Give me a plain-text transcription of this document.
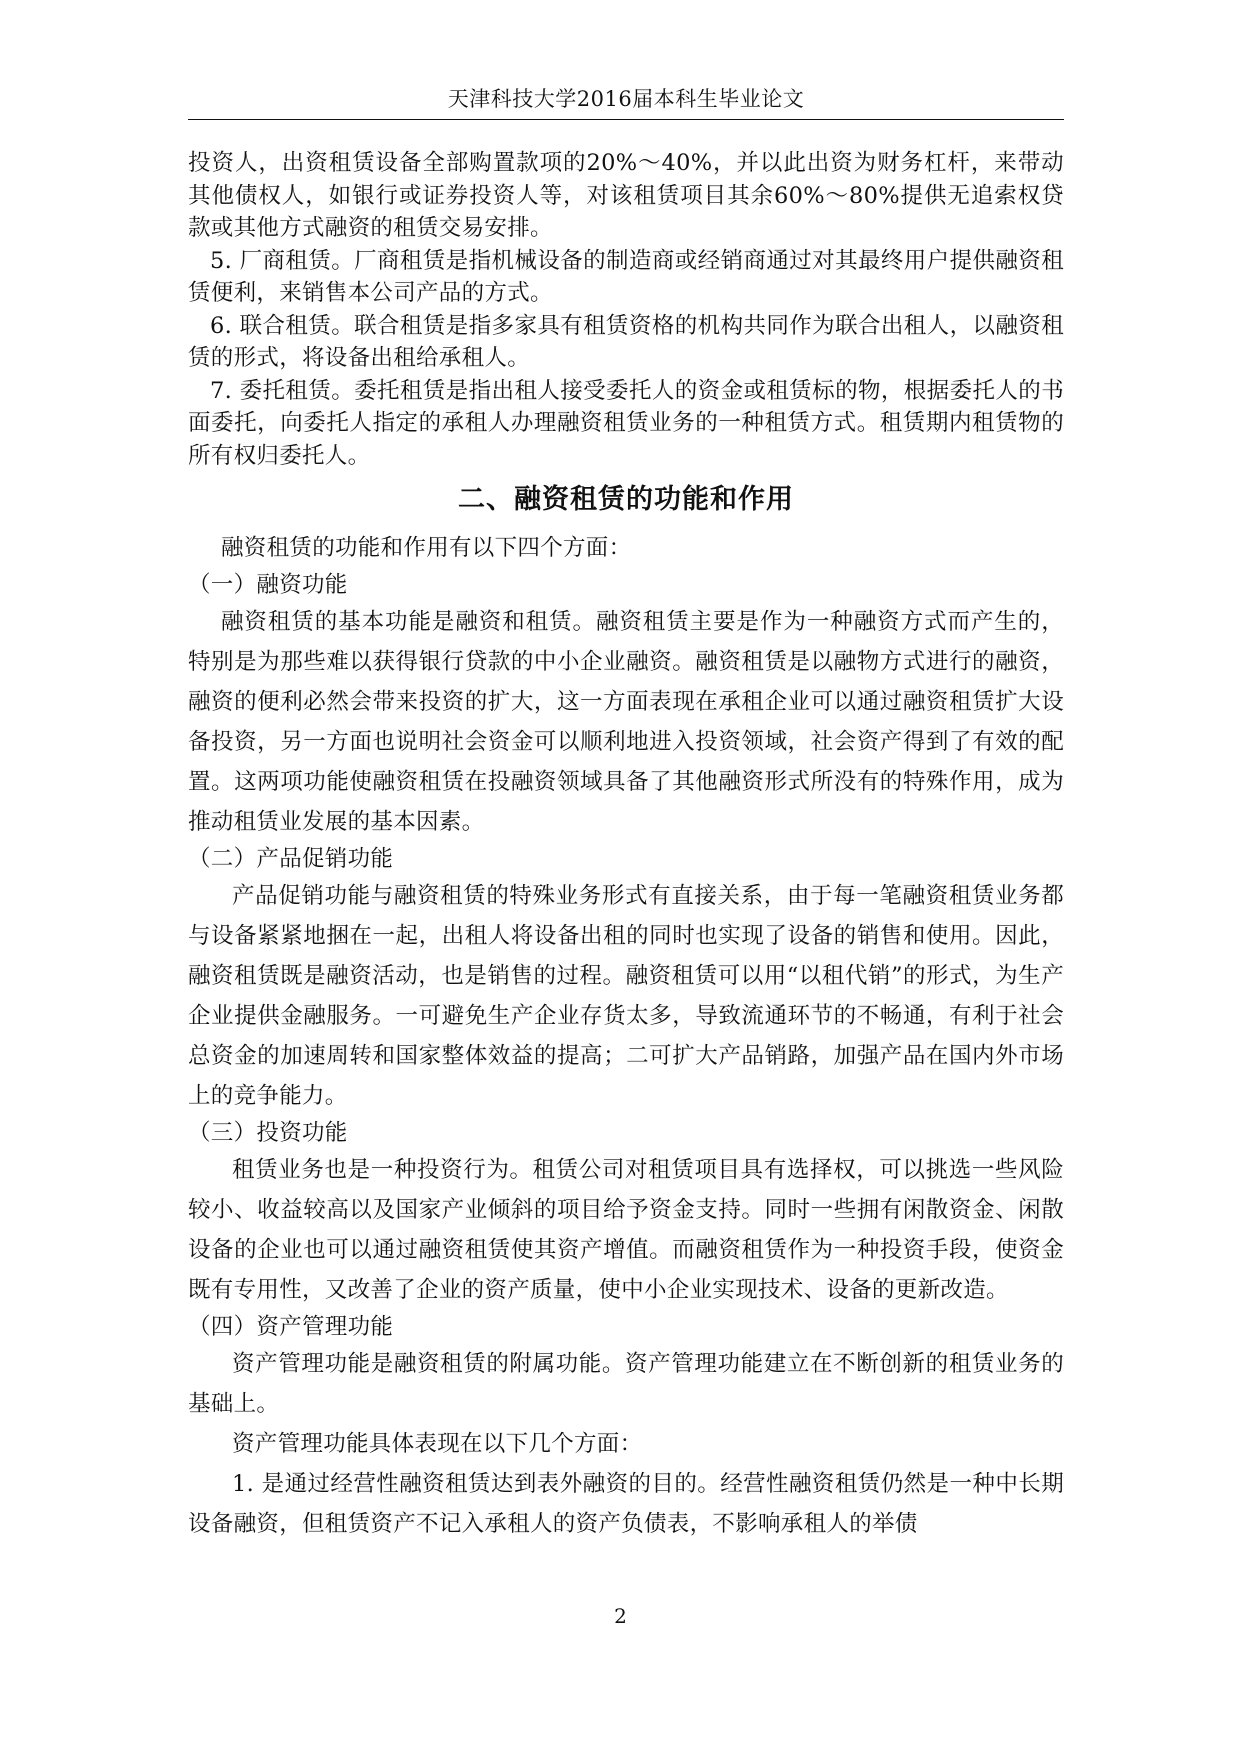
天津科技大学2016届本科生毕业论文

投资人，出资租赁设备全部购置款项的20%～40%，并以此出资为财务杠杆，来带动其他债权人，如银行或证券投资人等，对该租赁项目其余60%～80%提供无追索权贷款或其他方式融资的租赁交易安排。

5. 厂商租赁。厂商租赁是指机械设备的制造商或经销商通过对其最终用户提供融资租赁便利，来销售本公司产品的方式。

6. 联合租赁。联合租赁是指多家具有租赁资格的机构共同作为联合出租人，以融资租赁的形式，将设备出租给承租人。

7. 委托租赁。委托租赁是指出租人接受委托人的资金或租赁标的物，根据委托人的书面委托，向委托人指定的承租人办理融资租赁业务的一种租赁方式。租赁期内租赁物的所有权归委托人。

二、融资租赁的功能和作用

融资租赁的功能和作用有以下四个方面：

（一）融资功能

融资租赁的基本功能是融资和租赁。融资租赁主要是作为一种融资方式而产生的，特别是为那些难以获得银行贷款的中小企业融资。融资租赁是以融物方式进行的融资，融资的便利必然会带来投资的扩大，这一方面表现在承租企业可以通过融资租赁扩大设备投资，另一方面也说明社会资金可以顺利地进入投资领域，社会资产得到了有效的配置。这两项功能使融资租赁在投融资领域具备了其他融资形式所没有的特殊作用，成为推动租赁业发展的基本因素。

（二）产品促销功能

产品促销功能与融资租赁的特殊业务形式有直接关系，由于每一笔融资租赁业务都与设备紧紧地捆在一起，出租人将设备出租的同时也实现了设备的销售和使用。因此，融资租赁既是融资活动，也是销售的过程。融资租赁可以用“以租代销”的形式，为生产企业提供金融服务。一可避免生产企业存货太多，导致流通环节的不畅通，有利于社会总资金的加速周转和国家整体效益的提高；二可扩大产品销路，加强产品在国内外市场上的竞争能力。

（三）投资功能

租赁业务也是一种投资行为。租赁公司对租赁项目具有选择权，可以挑选一些风险较小、收益较高以及国家产业倾斜的项目给予资金支持。同时一些拥有闲散资金、闲散设备的企业也可以通过融资租赁使其资产增值。而融资租赁作为一种投资手段，使资金既有专用性，又改善了企业的资产质量，使中小企业实现技术、设备的更新改造。

（四）资产管理功能

资产管理功能是融资租赁的附属功能。资产管理功能建立在不断创新的租赁业务的基础上。

资产管理功能具体表现在以下几个方面：

1. 是通过经营性融资租赁达到表外融资的目的。经营性融资租赁仍然是一种中长期设备融资，但租赁资产不记入承租人的资产负债表，不影响承租人的举债

2
